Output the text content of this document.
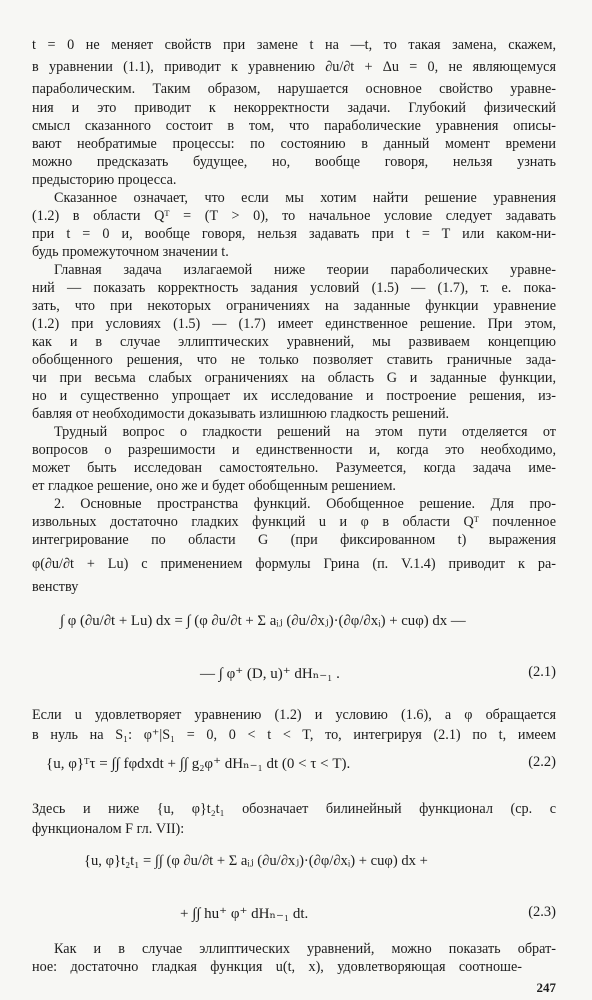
t = 0 не меняет свойств при замене t на —t, то такая замена, скажем,
в уравнении (1.1), приводит к уравнению ∂u/∂t + Δu = 0, не являющемуся
параболическим. Таким образом, нарушается основное свойство уравне-
ния и это приводит к некорректности задачи. Глубокий физический
смысл сказанного состоит в том, что параболические уравнения описы-
вают необратимые процессы: по состоянию в данный момент времени
можно предсказать будущее, но, вообще говоря, нельзя узнать
предысторию процесса.
Сказанное означает, что если мы хотим найти решение уравнения
(1.2) в области Qᵀ = (T > 0), то начальное условие следует задавать
при t = 0 и, вообще говоря, нельзя задавать при t = T или каком-ни-
будь промежуточном значении t.
Главная задача излагаемой ниже теории параболических уравне-
ний — показать корректность задания условий (1.5) — (1.7), т. е. пока-
зать, что при некоторых ограничениях на заданные функции уравнение
(1.2) при условиях (1.5) — (1.7) имеет единственное решение. При этом,
как и в случае эллиптических уравнений, мы развиваем концепцию
обобщенного решения, что не только позволяет ставить граничные зада-
чи при весьма слабых ограничениях на область G и заданные функции,
но и существенно упрощает их исследование и построение решения, из-
бавляя от необходимости доказывать излишнюю гладкость решений.
Трудный вопрос о гладкости решений на этом пути отделяется от
вопросов о разрешимости и единственности и, когда это необходимо,
может быть исследован самостоятельно. Разумеется, когда задача име-
ет гладкое решение, оно же и будет обобщенным решением.
2. Основные пространства функций. Обобщенное решение. Для про-
извольных достаточно гладких функций u и φ в области Qᵀ почленное
интегрирование по области G (при фиксированном t) выражения
φ(∂u/∂t + Lu) с применением формулы Грина (п. V.1.4) приводит к ра-
венству
∫ φ (∂u/∂t + Lu) dx = ∫ (φ ∂u/∂t + Σ aᵢⱼ (∂u/∂xⱼ)·(∂φ/∂xᵢ) + cuφ) dx —
— ∫ φ⁺ (D, u)⁺ dHₙ₋₁ .	(2.1)
Если u удовлетворяет уравнению (1.2) и условию (1.6), а φ обращается
в нуль на S₁: φ⁺|S₁ = 0, 0 < t < T, то, интегрируя (2.1) по t, имеем
{u, φ}ᵀτ = ∫∫ fφdxdt + ∫∫ g₂φ⁺ dHₙ₋₁ dt (0 < τ < T).	(2.2)
Здесь и ниже {u, φ}t₂t₁ обозначает билинейный функционал (ср. с
функционалом F гл. VII):
{u, φ}t₂t₁ = ∫∫ (φ ∂u/∂t + Σ aᵢⱼ (∂u/∂xⱼ)·(∂φ/∂xᵢ) + cuφ) dx +
+ ∫∫ hu⁺ φ⁺ dHₙ₋₁ dt.	(2.3)
Как и в случае эллиптических уравнений, можно показать обрат-
ное: достаточно гладкая функция u(t, x), удовлетворяющая соотноше-
247
